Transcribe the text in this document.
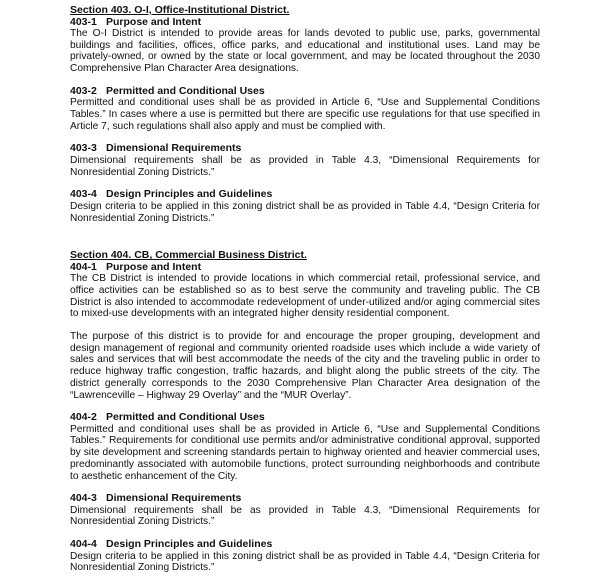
Section 403. O-I, Office-Institutional District.
403-1 Purpose and Intent

The O-I District is intended to provide areas for lands devoted to public use, parks, governmental buildings and facilities, offices, office parks, and educational and institutional uses. Land may be privately-owned, or owned by the state or local government, and may be located throughout the 2030 Comprehensive Plan Character Area designations.

403-2 Permitted and Conditional Uses

Permitted and conditional uses shall be as provided in Article 6, “Use and Supplemental Conditions Tables.” In cases where a use is permitted but there are specific use regulations for that use specified in Article 7, such regulations shall also apply and must be complied with.

403-3 Dimensional Requirements

Dimensional requirements shall be as provided in Table 4.3, “Dimensional Requirements for Nonresidential Zoning Districts.”

403-4 Design Principles and Guidelines

Design criteria to be applied in this zoning district shall be as provided in Table 4.4, “Design Criteria for Nonresidential Zoning Districts.”

Section 404. CB, Commercial Business District.
404-1 Purpose and Intent

The CB District is intended to provide locations in which commercial retail, professional service, and office activities can be established so as to best serve the community and traveling public. The CB District is also intended to accommodate redevelopment of under-utilized and/or aging commercial sites to mixed-use developments with an integrated higher density residential component.

The purpose of this district is to provide for and encourage the proper grouping, development and design management of regional and community oriented roadside uses which include a wide variety of sales and services that will best accommodate the needs of the city and the traveling public in order to reduce highway traffic congestion, traffic hazards, and blight along the public streets of the city. The district generally corresponds to the 2030 Comprehensive Plan Character Area designation of the “Lawrenceville – Highway 29 Overlay” and the “MUR Overlay”.

404-2 Permitted and Conditional Uses

Permitted and conditional uses shall be as provided in Article 6, “Use and Supplemental Conditions Tables.” Requirements for conditional use permits and/or administrative conditional approval, supported by site development and screening standards pertain to highway oriented and heavier commercial uses, predominantly associated with automobile functions, protect surrounding neighborhoods and contribute to aesthetic enhancement of the City.

404-3 Dimensional Requirements

Dimensional requirements shall be as provided in Table 4.3, “Dimensional Requirements for Nonresidential Zoning Districts.”

404-4 Design Principles and Guidelines

Design criteria to be applied in this zoning district shall be as provided in Table 4.4, “Design Criteria for Nonresidential Zoning Districts.”
